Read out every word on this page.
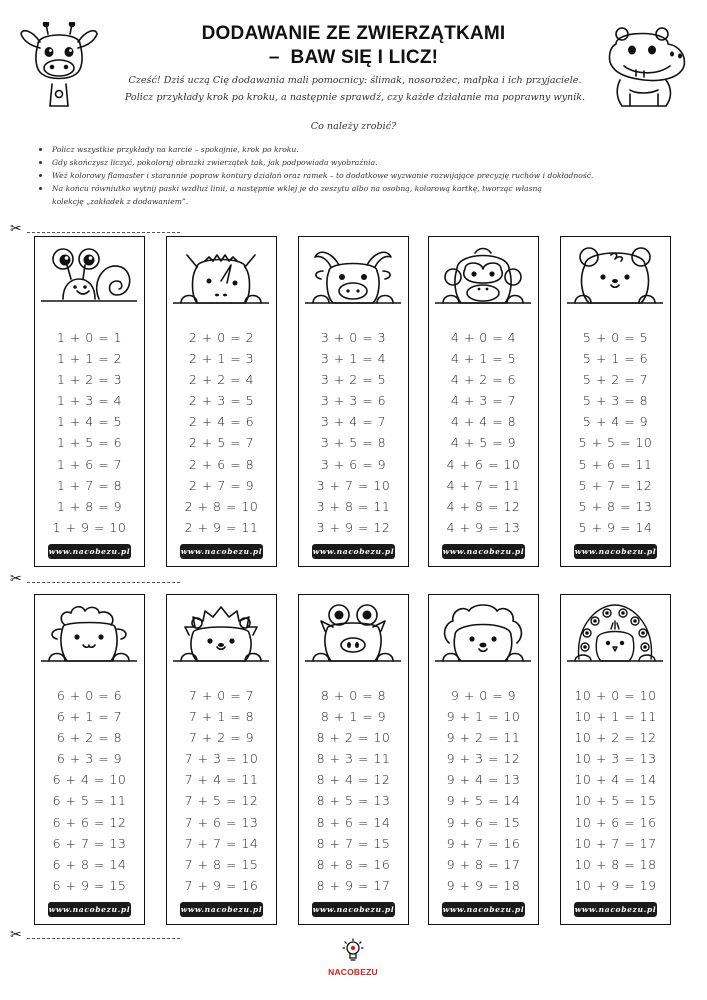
DODAWANIE ZE ZWIERZĄTKAMI
–  BAW SIĘ I LICZ!
Cześć! Dziś uczą Cię dodawania mali pomocnicy: ślimak, nosorożec, małpka i ich przyjaciele.
Policz przykłady krok po kroku, a następnie sprawdź, czy każde działanie ma poprawny wynik.
Co należy zrobić?
Policz wszystkie przykłady na karcie – spokojnie, krok po kroku.
Gdy skończysz liczyć, pokoloruj obrazki zwierzątek tak, jak podpowiada wyobraźnia.
Weź kolorowy flamaster i starannie popraw kontury działań oraz ramek – to dodatkowe wyzwanie rozwijające precyzję ruchów i dokładność.
Na końcu równiutko wytnij paski wzdłuż linii, a następnie wklej je do zeszytu albo na osobną, kolorową kartkę, tworząc własną
kolekcję „zakładek z dodawaniem”.
✂
✂
✂
1 + 0 = 1
1 + 1 = 2
1 + 2 = 3
1 + 3 = 4
1 + 4 = 5
1 + 5 = 6
1 + 6 = 7
1 + 7 = 8
1 + 8 = 9
1 + 9 = 10
www.nacobezu.pl
2 + 0 = 2
2 + 1 = 3
2 + 2 = 4
2 + 3 = 5
2 + 4 = 6
2 + 5 = 7
2 + 6 = 8
2 + 7 = 9
2 + 8 = 10
2 + 9 = 11
www.nacobezu.pl
3 + 0 = 3
3 + 1 = 4
3 + 2 = 5
3 + 3 = 6
3 + 4 = 7
3 + 5 = 8
3 + 6 = 9
3 + 7 = 10
3 + 8 = 11
3 + 9 = 12
www.nacobezu.pl
4 + 0 = 4
4 + 1 = 5
4 + 2 = 6
4 + 3 = 7
4 + 4 = 8
4 + 5 = 9
4 + 6 = 10
4 + 7 = 11
4 + 8 = 12
4 + 9 = 13
www.nacobezu.pl
5 + 0 = 5
5 + 1 = 6
5 + 2 = 7
5 + 3 = 8
5 + 4 = 9
5 + 5 = 10
5 + 6 = 11
5 + 7 = 12
5 + 8 = 13
5 + 9 = 14
www.nacobezu.pl
6 + 0 = 6
6 + 1 = 7
6 + 2 = 8
6 + 3 = 9
6 + 4 = 10
6 + 5 = 11
6 + 6 = 12
6 + 7 = 13
6 + 8 = 14
6 + 9 = 15
www.nacobezu.pl
7 + 0 = 7
7 + 1 = 8
7 + 2 = 9
7 + 3 = 10
7 + 4 = 11
7 + 5 = 12
7 + 6 = 13
7 + 7 = 14
7 + 8 = 15
7 + 9 = 16
www.nacobezu.pl
8 + 0 = 8
8 + 1 = 9
8 + 2 = 10
8 + 3 = 11
8 + 4 = 12
8 + 5 = 13
8 + 6 = 14
8 + 7 = 15
8 + 8 = 16
8 + 9 = 17
www.nacobezu.pl
9 + 0 = 9
9 + 1 = 10
9 + 2 = 11
9 + 3 = 12
9 + 4 = 13
9 + 5 = 14
9 + 6 = 15
9 + 7 = 16
9 + 8 = 17
9 + 9 = 18
www.nacobezu.pl
10 + 0 = 10
10 + 1 = 11
10 + 2 = 12
10 + 3 = 13
10 + 4 = 14
10 + 5 = 15
10 + 6 = 16
10 + 7 = 17
10 + 8 = 18
10 + 9 = 19
www.nacobezu.pl
NACOBEZU
